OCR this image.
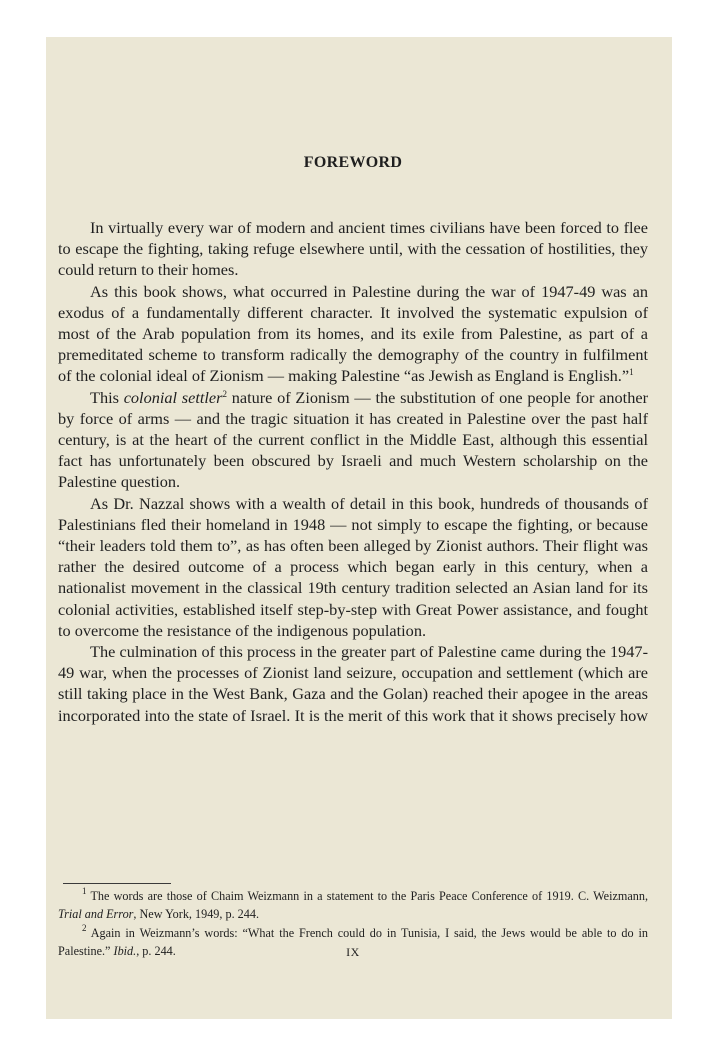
FOREWORD

In virtually every war of modern and ancient times civilians have been forced to flee to escape the fighting, taking refuge elsewhere until, with the cessation of hostilities, they could return to their homes.

As this book shows, what occurred in Palestine during the war of 1947-49 was an exodus of a fundamentally different character. It involved the systematic expulsion of most of the Arab population from its homes, and its exile from Palestine, as part of a premeditated scheme to transform radically the demography of the country in fulfilment of the colonial ideal of Zionism — making Palestine “as Jewish as England is English.”$^1$

This colonial settler$^2$ nature of Zionism — the substitution of one people for another by force of arms — and the tragic situation it has created in Palestine over the past half century, is at the heart of the current conflict in the Middle East, although this essential fact has unfortunately been obscured by Israeli and much Western scholarship on the Palestine question.

As Dr. Nazzal shows with a wealth of detail in this book, hundreds of thousands of Palestinians fled their homeland in 1948 — not simply to escape the fighting, or because “their leaders told them to”, as has often been alleged by Zionist authors. Their flight was rather the desired outcome of a process which began early in this century, when a nationalist movement in the classical 19th century tradition selected an Asian land for its colonial activities, established itself step-by-step with Great Power assistance, and fought to overcome the resistance of the indigenous population.

The culmination of this process in the greater part of Palestine came during the 1947-49 war, when the processes of Zionist land seizure, occupation and settlement (which are still taking place in the West Bank, Gaza and the Golan) reached their apogee in the areas incorporated into the state of Israel. It is the merit of this work that it shows precisely how

$^1$ The words are those of Chaim Weizmann in a statement to the Paris Peace Conference of 1919. C. Weizmann, Trial and Error, New York, 1949, p. 244.

$^2$ Again in Weizmann’s words: “What the French could do in Tunisia, I said, the Jews would be able to do in Palestine.” Ibid., p. 244.	IX
